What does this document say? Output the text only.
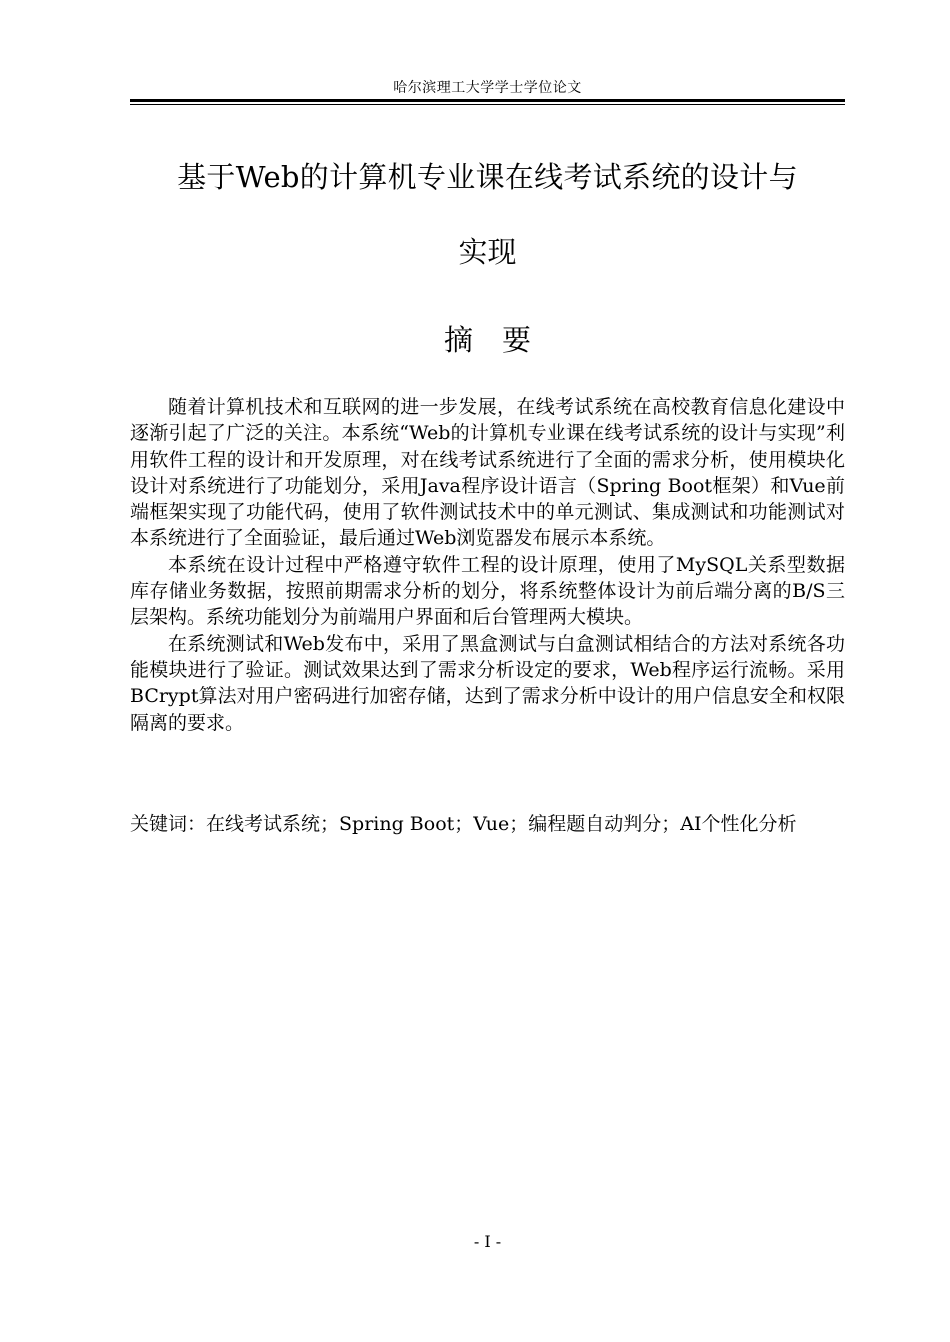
哈尔滨理工大学学士学位论文
基于Web的计算机专业课在线考试系统的设计与
实现
摘　要

随着计算机技术和互联网的进一步发展，在线考试系统在高校教育信息化建设中逐渐引起了广泛的关注。本系统“Web的计算机专业课在线考试系统的设计与实现”利用软件工程的设计和开发原理，对在线考试系统进行了全面的需求分析，使用模块化设计对系统进行了功能划分，采用Java程序设计语言（Spring Boot框架）和Vue前端框架实现了功能代码，使用了软件测试技术中的单元测试、集成测试和功能测试对本系统进行了全面验证，最后通过Web浏览器发布展示本系统。

本系统在设计过程中严格遵守软件工程的设计原理，使用了MySQL关系型数据库存储业务数据，按照前期需求分析的划分，将系统整体设计为前后端分离的B/S三层架构。系统功能划分为前端用户界面和后台管理两大模块。

在系统测试和Web发布中，采用了黑盒测试与白盒测试相结合的方法对系统各功能模块进行了验证。测试效果达到了需求分析设定的要求，Web程序运行流畅。采用BCrypt算法对用户密码进行加密存储，达到了需求分析中设计的用户信息安全和权限隔离的要求。

关键词： 在线考试系统；Spring Boot；Vue；编程题自动判分；AI个性化分析
- I -
